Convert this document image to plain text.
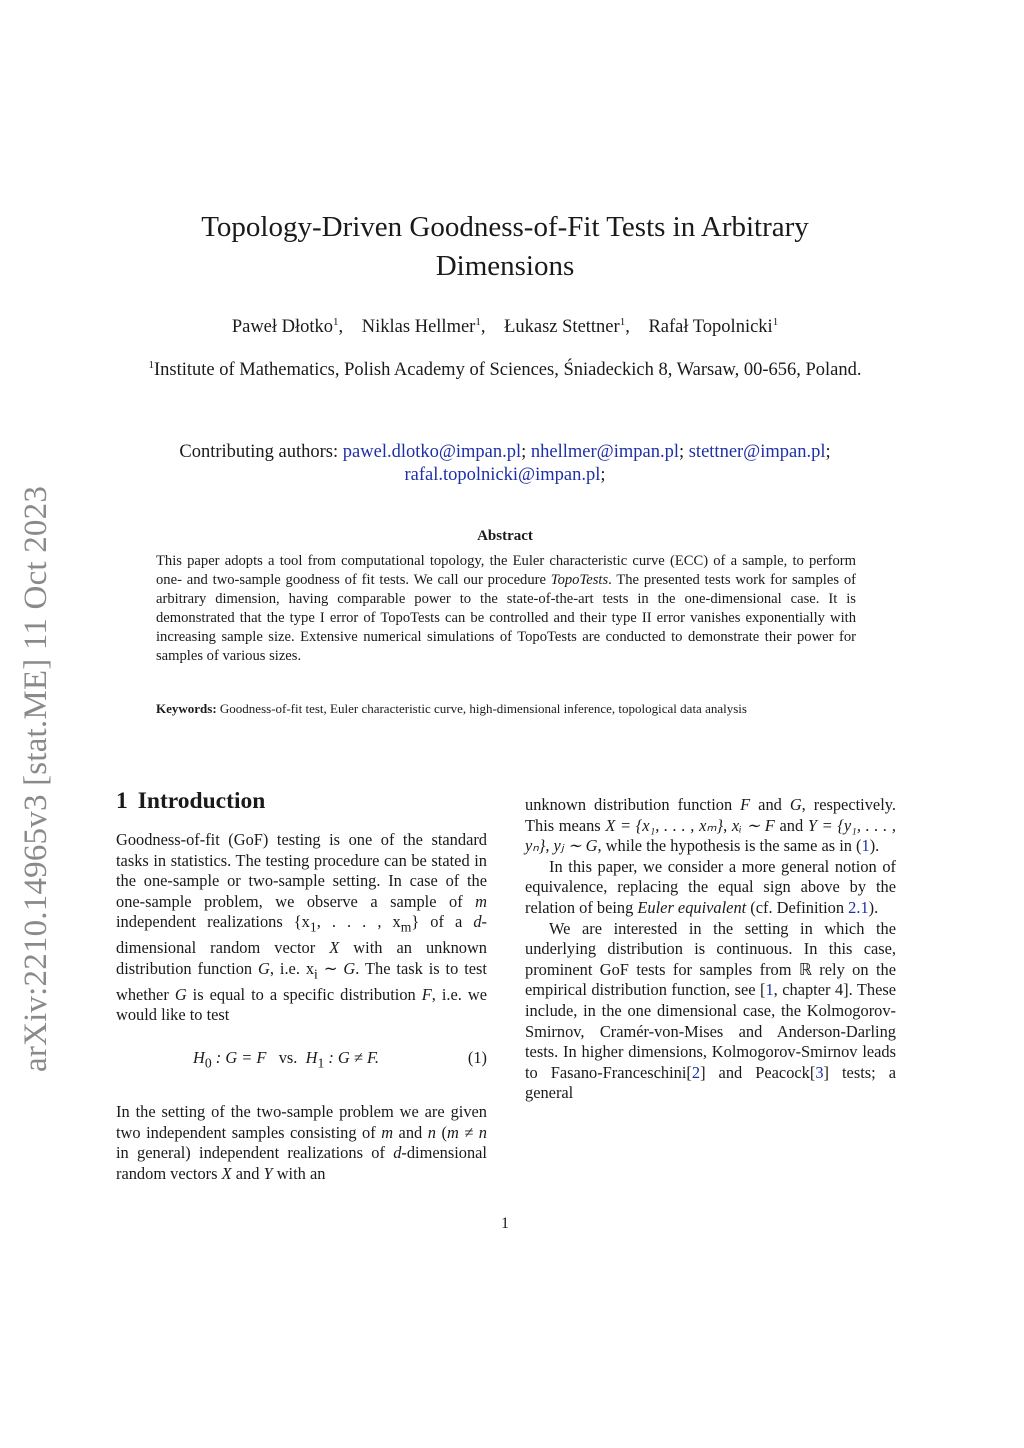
arXiv:2210.14965v3 [stat.ME] 11 Oct 2023
Topology-Driven Goodness-of-Fit Tests in Arbitrary Dimensions
Paweł Dłotko$^1$, Niklas Hellmer$^1$, Łukasz Stettner$^1$, Rafał Topolnicki$^1$
$^1$Institute of Mathematics, Polish Academy of Sciences, Śniadeckich 8, Warsaw, 00-656, Poland.
Contributing authors: pawel.dlotko@impan.pl; nhellmer@impan.pl; stettner@impan.pl;
rafal.topolnicki@impan.pl;
Abstract

This paper adopts a tool from computational topology, the Euler characteristic curve (ECC) of a sample, to perform one- and two-sample goodness of fit tests. We call our procedure TopoTests. The presented tests work for samples of arbitrary dimension, having comparable power to the state-of-the-art tests in the one-dimensional case. It is demonstrated that the type I error of TopoTests can be controlled and their type II error vanishes exponentially with increasing sample size. Extensive numerical simulations of TopoTests are conducted to demonstrate their power for samples of various sizes.

Keywords: Goodness-of-fit test, Euler characteristic curve, high-dimensional inference, topological data analysis

1 Introduction

Goodness-of-fit (GoF) testing is one of the standard tasks in statistics. The testing procedure can be stated in the one-sample or two-sample setting. In case of the one-sample problem, we observe a sample of m independent realizations {$x_1$, . . . , $x_m$} of a d-dimensional random vector X with an unknown distribution function G, i.e. $x_i$ ∼ G. The task is to test whether G is equal to a specific distribution F, i.e. we would like to test

$H_0$ : G = F vs. $H_1$ : G ≠ F.	(1)

In the setting of the two-sample problem we are given two independent samples consisting of m and n (m ≠ n in general) independent realizations of d-dimensional random vectors X and Y with an

unknown distribution function F and G, respectively. This means X = {x₁, . . . , xₘ}, xᵢ ∼ F and Y = {y₁, . . . , yₙ}, yⱼ ∼ G, while the hypothesis is the same as in (1).

In this paper, we consider a more general notion of equivalence, replacing the equal sign above by the relation of being Euler equivalent (cf. Definition 2.1).

We are interested in the setting in which the underlying distribution is continuous. In this case, prominent GoF tests for samples from ℝ rely on the empirical distribution function, see [1, chapter 4]. These include, in the one dimensional case, the Kolmogorov-Smirnov, Cramér-von-Mises and Anderson-Darling tests. In higher dimensions, Kolmogorov-Smirnov leads to Fasano-Franceschini[2] and Peacock[3] tests; a general

1
